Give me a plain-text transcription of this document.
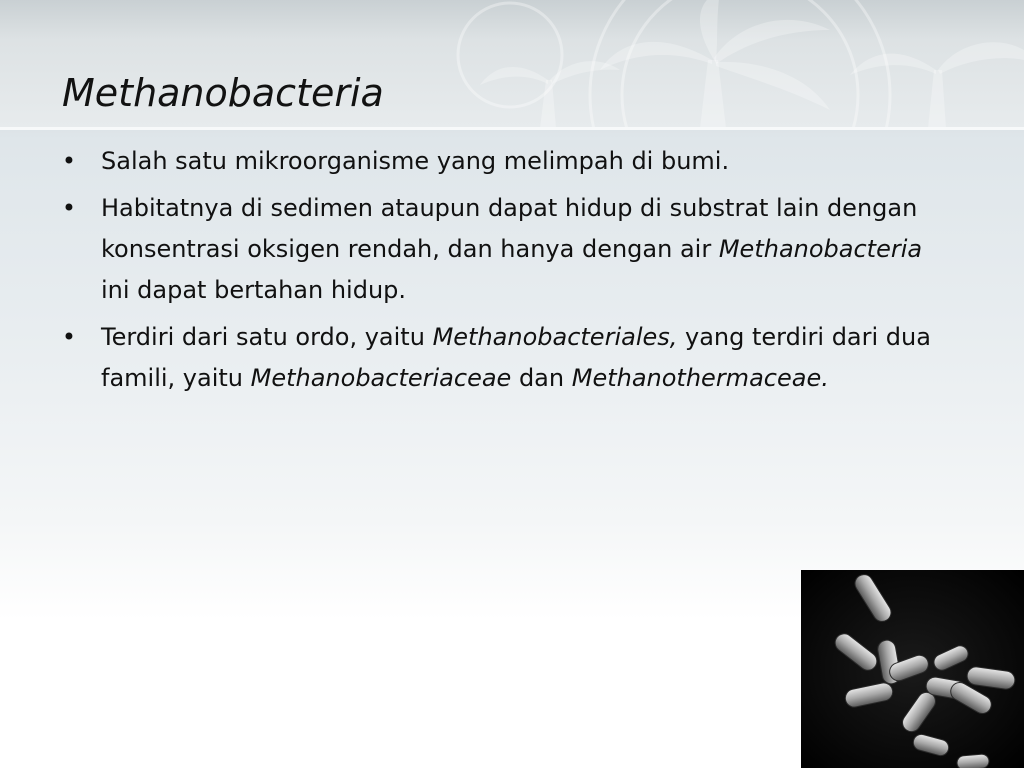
Methanobacteria
• Salah satu mikroorganisme yang melimpah di bumi.
• Habitatnya di sedimen ataupun dapat hidup di substrat lain dengan konsentrasi oksigen rendah, dan hanya dengan air Methanobacteria ini dapat bertahan hidup.
• Terdiri dari satu ordo, yaitu Methanobacteriales, yang terdiri dari dua famili, yaitu Methanobacteriaceae dan Methanothermaceae.
